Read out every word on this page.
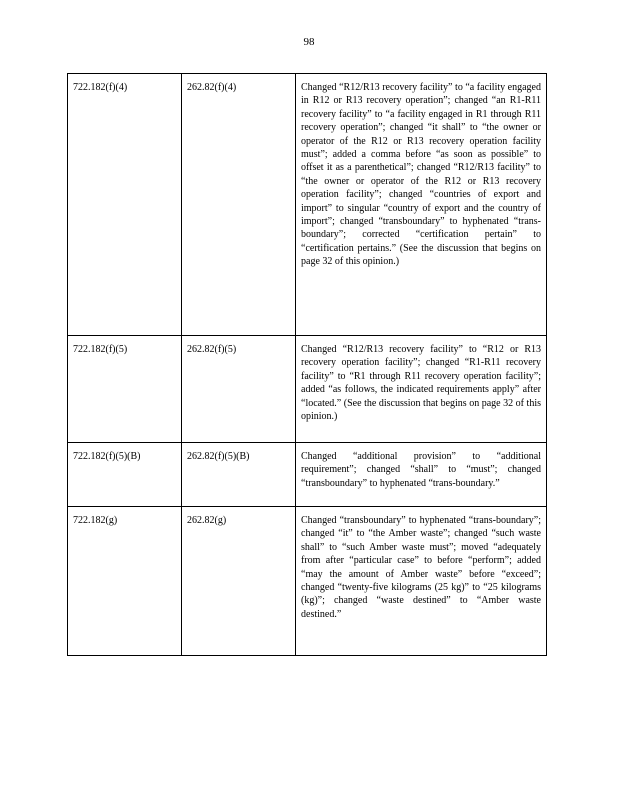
98
722.182(f)(4)	262.82(f)(4)	Changed “R12/R13 recovery facility” to “a facility engaged in R12 or R13 recovery operation”; changed “an R1-R11 recovery facility” to “a facility engaged in R1 through R11 recovery operation”; changed “it shall” to “the owner or operator of the R12 or R13 recovery operation facility must”; added a comma before “as soon as possible” to offset it as a parenthetical”; changed “R12/R13 facility” to “the owner or operator of the R12 or R13 recovery operation facility”; changed “countries of export and import” to singular “country of export and the country of import”; changed “transboundary” to hyphenated “trans-boundary”; corrected “certification pertain” to “certification pertains.” (See the discussion that begins on page 32 of this opinion.)
722.182(f)(5)	262.82(f)(5)	Changed “R12/R13 recovery facility” to “R12 or R13 recovery operation facility”; changed “R1-R11 recovery facility” to “R1 through R11 recovery operation facility”; added “as follows, the indicated requirements apply” after “located.” (See the discussion that begins on page 32 of this opinion.)
722.182(f)(5)(B)	262.82(f)(5)(B)	Changed “additional provision” to “additional requirement”; changed “shall” to “must”; changed “transboundary” to hyphenated “trans-boundary.”
722.182(g)	262.82(g)	Changed “transboundary” to hyphenated “trans-boundary”; changed “it” to “the Amber waste”; changed “such waste shall” to “such Amber waste must”; moved “adequately from after “particular case” to before “perform”; added “may the amount of Amber waste” before “exceed”; changed “twenty-five kilograms (25 kg)” to “25 kilograms (kg)”; changed “waste destined” to “Amber waste destined.”
